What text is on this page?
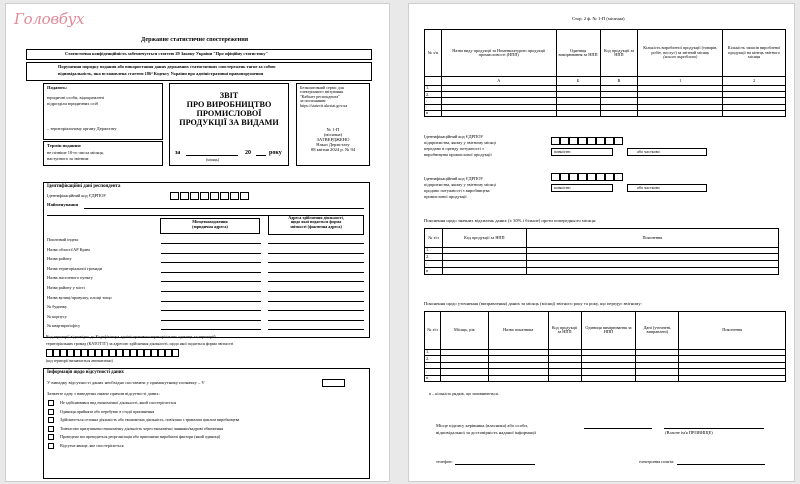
Головбух
Державне статистичне спостереження
Статистична конфіденційність забезпечується статтею 29 Закону України "Про офіційну статистику"
Порушення порядку подання або використання даних державних статистичних спостережень тягне за собою
відповідальність, яка встановлена статтею 186³ Кодексу України про адміністративні правопорушення
Подають:
юридичні особи, відокремлені
підрозділи юридичних осіб
– територіальному органу Держстату
Термін подання:
не пізніше 10-го числа місяця,
наступного за звітним
ЗВІТ
ПРО ВИРОБНИЦТВО
ПРОМИСЛОВОЇ
ПРОДУКЦІЇ ЗА ВИДАМИ
за	20	року
(місяць)
Безкоштовний сервіс для
електронного звітування
"Кабінет респондента"
за посиланням
https://statzvit.ukrstat.gov.ua
№ 1-П
(місячна)
ЗАТВЕРДЖЕНО
Наказ Держстату
08 квітня 2024 р. № 94
Ідентифікаційні дані респондента
Ідентифікаційний код ЄДРПОУ
Найменування
Місцезнаходження
(юридична адреса)
Адреса здійснення діяльності,
щодо якої подається форма
звітності (фактична адреса)
Код території відповідно до Кодифікатора адміністративно-територіальних одиниць та територій
територіальних громад (КАТОТТГ) за адресою здійснення діяльності, щодо якої подається форма звітності
(код території визначається автоматично)
Інформація щодо відсутності даних
У випадку відсутності даних необхідно поставити у прямокутнику позначку – V
Зазначте одну з наведених нижче причин відсутності даних:
Поштовий індекс
Назва області/АР Крим
Назва району
Назва територіальної громади
Назва населеного пункту
Назва району у місті
Назва вулиці/провулку, площі тощо
№ будинку
№ корпусу
№ квартири/офісу
Не здійснювався вид економічної діяльності, який спостерігається
Одиниця прийнята або перебуває в стадії припинення
Здійснюється сезонна діяльність або економічна діяльність, пов'язана з тривалим циклом виробництва
Тимчасово призупинено економічну діяльність через економічні чинники/кадрові обмеження
Проведено ми проводиться реорганізація або припинено виробничі фактори (який одиниці)
Відсутнє явище, яке спостерігається
Стор. 2 ф. № 1-П (місячна)
№ з/п	Назва виду продукції за Номенклатурою продукції промисловості (НПП)	Одиниця вимірювання за НПП	Код продукції за НПП	Кількість виробленої продукції (товарів, робіт, послуг) за звітний місяць
(всього вироблено)	Кількість запасів виробленої продукції на кінець звітного місяця
	А	Б	В	1	2
1.					
2.					
:					
:					
n					
Ідентифікаційний код ЄДРПОУ
підприємства, якому у звітному місяці
передано в оренду потужності з
виробництва промислової продукції
повністю	або частково
Ідентифікаційний код ЄДРПОУ
підприємства, якому у звітному місяці
продано потужності з виробництва
промислової продукції
повністю	або частково
Пояснення щодо значних відхилень даних (± 30% і більше) проти попереднього місяця:
№ з/п	Код продукції за НПП	Пояснення
1.		
2.		
:		
n		
Пояснення щодо уточнення (виправлення) даних за місяць (місяці) звітного року та року, що передує звітному:
№ з/п	Місяць, рік	Назва показника	Код продукції за НПП	Одиниця вимірювання за НПП	Дані (уточнені, виправлені)	Пояснення
1.						
2.						
:						
:						
n						
n – кількість рядків, що заповнюються.
Місце підпису керівника (власника) або особи,
відповідальної за достовірність наданої інформації	(Власне ім'я ПРІЗВИЩЕ)
телефон:	електронна пошта:
